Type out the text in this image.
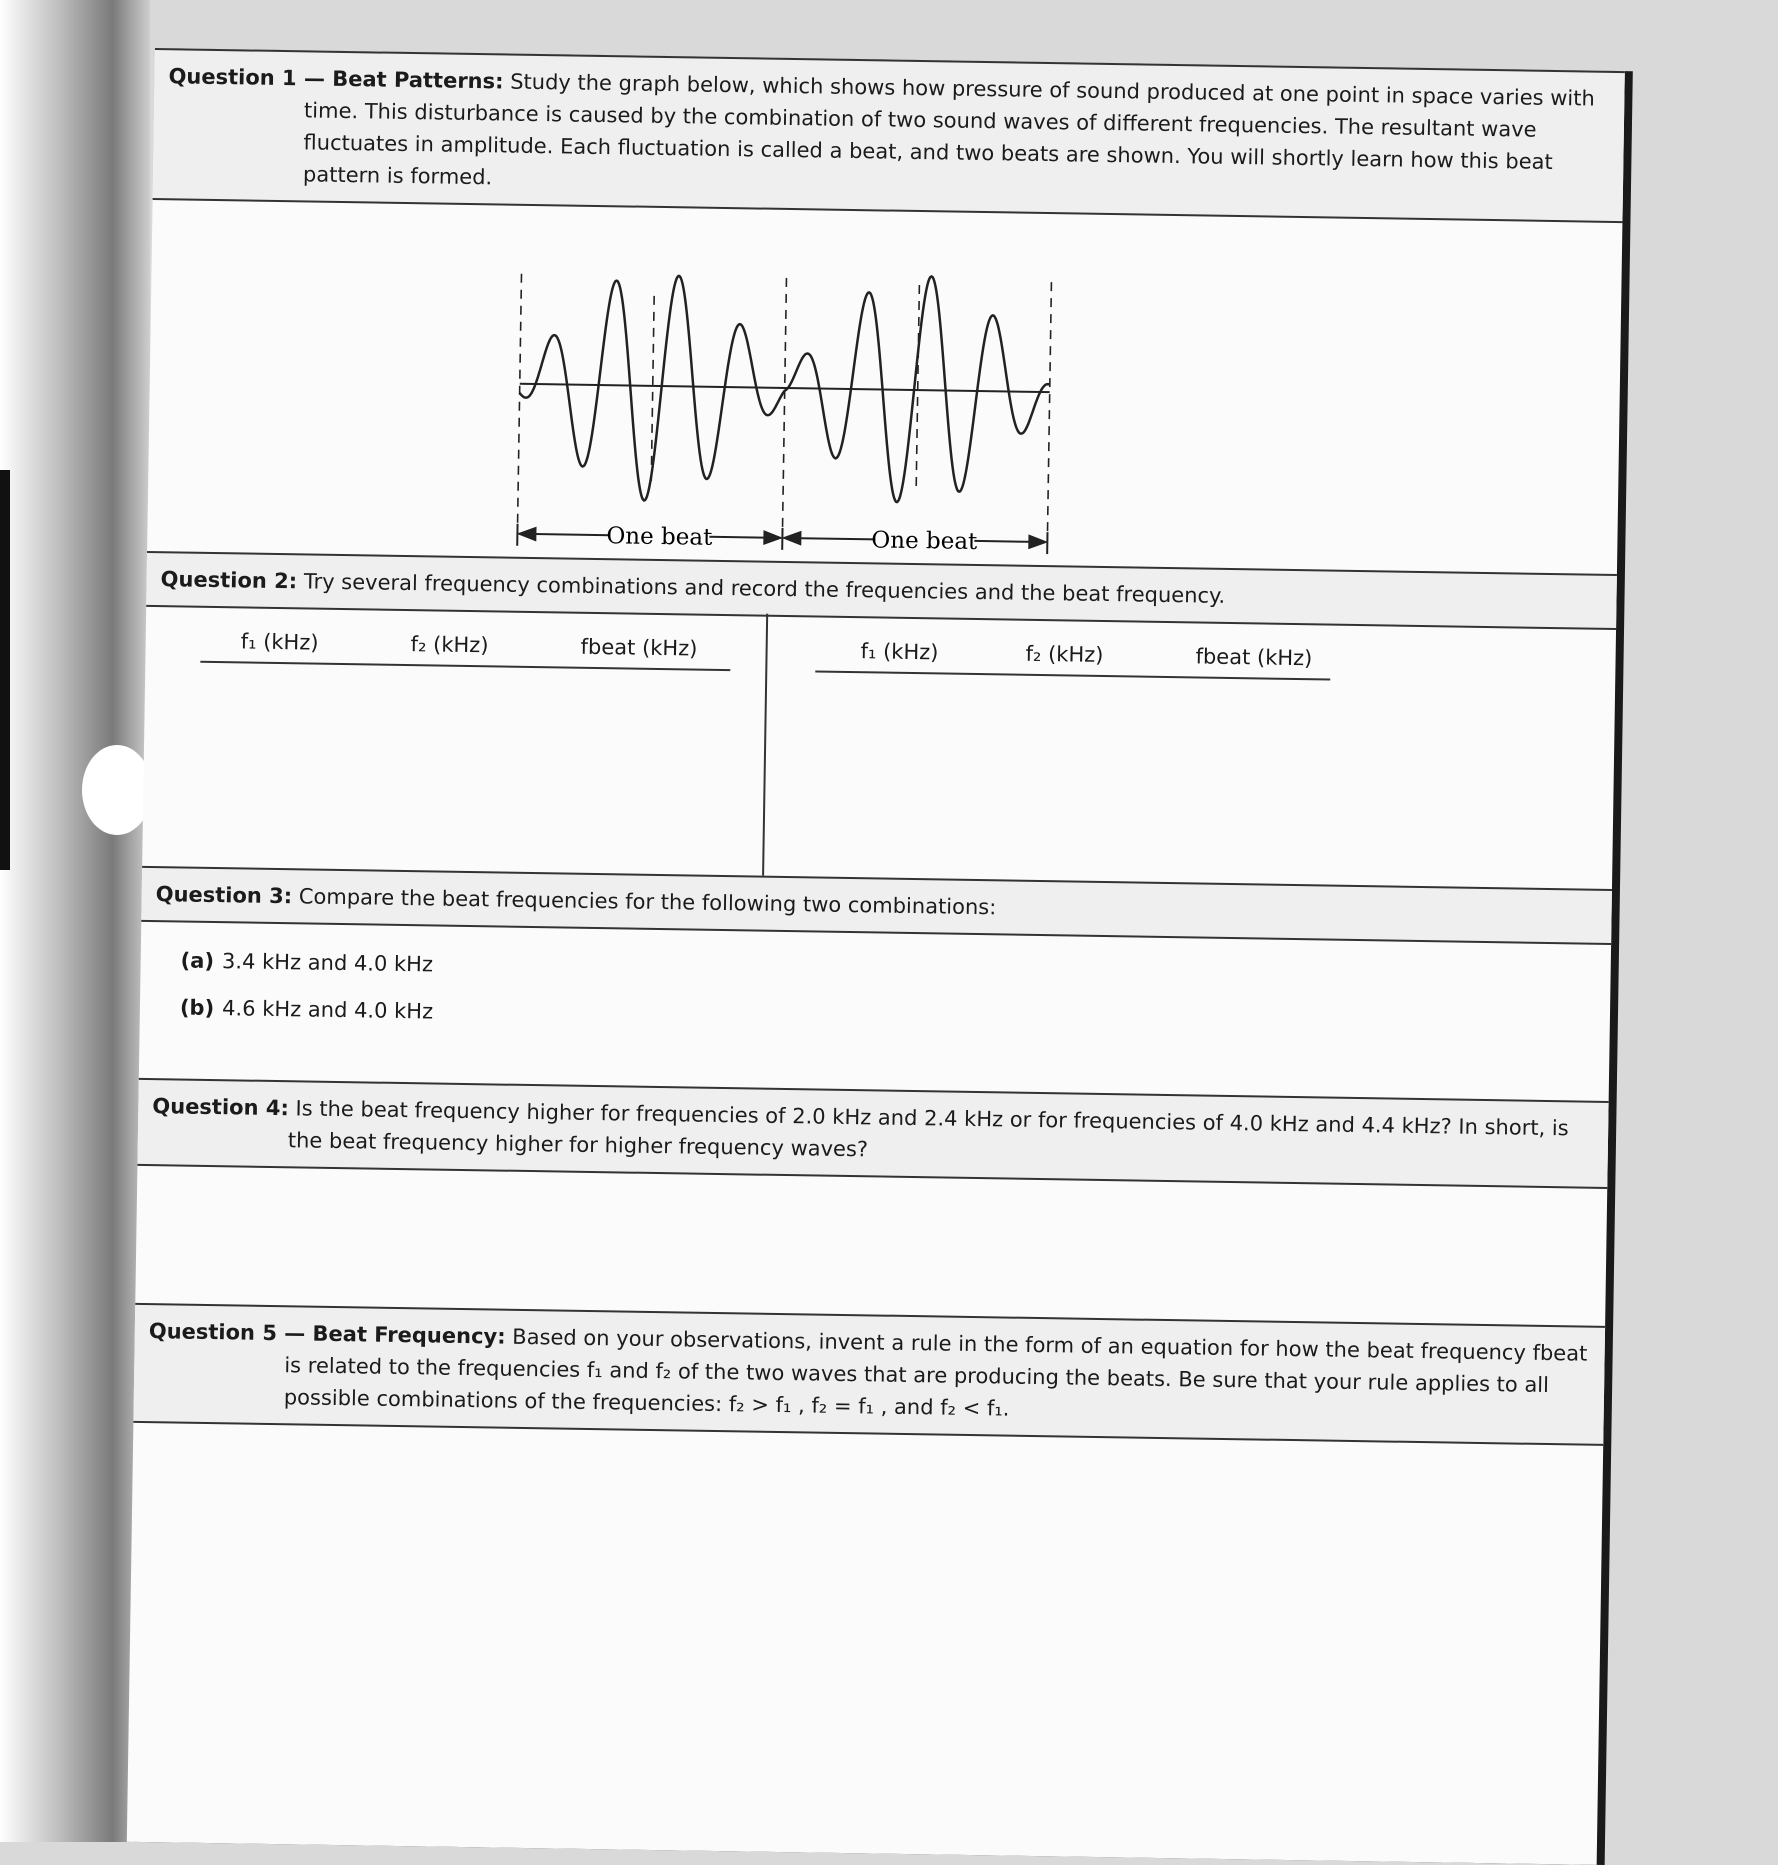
Question 1 — Beat Patterns: Study the graph below, which shows how pressure of sound produced at one point in space varies with time. This disturbance is caused by the combination of two sound waves of different frequencies. The resultant wave fluctuates in amplitude. Each fluctuation is called a beat, and two beats are shown. You will shortly learn how this beat pattern is formed.
One beat	One beat
Question 2: Try several frequency combinations and record the frequencies and the beat frequency.
f₁ (kHz)	f₂ (kHz)	fbeat (kHz)	f₁ (kHz)	f₂ (kHz)	fbeat (kHz)
Question 3: Compare the beat frequencies for the following two combinations:
(a) 3.4 kHz and 4.0 kHz
(b) 4.6 kHz and 4.0 kHz
Question 4: Is the beat frequency higher for frequencies of 2.0 kHz and 2.4 kHz or for frequencies of 4.0 kHz and 4.4 kHz? In short, is the beat frequency higher for higher frequency waves?
Question 5 — Beat Frequency: Based on your observations, invent a rule in the form of an equation for how the beat frequency fbeat is related to the frequencies f₁ and f₂ of the two waves that are producing the beats. Be sure that your rule applies to all possible combinations of the frequencies: f₂ > f₁ , f₂ = f₁ , and f₂ < f₁.
